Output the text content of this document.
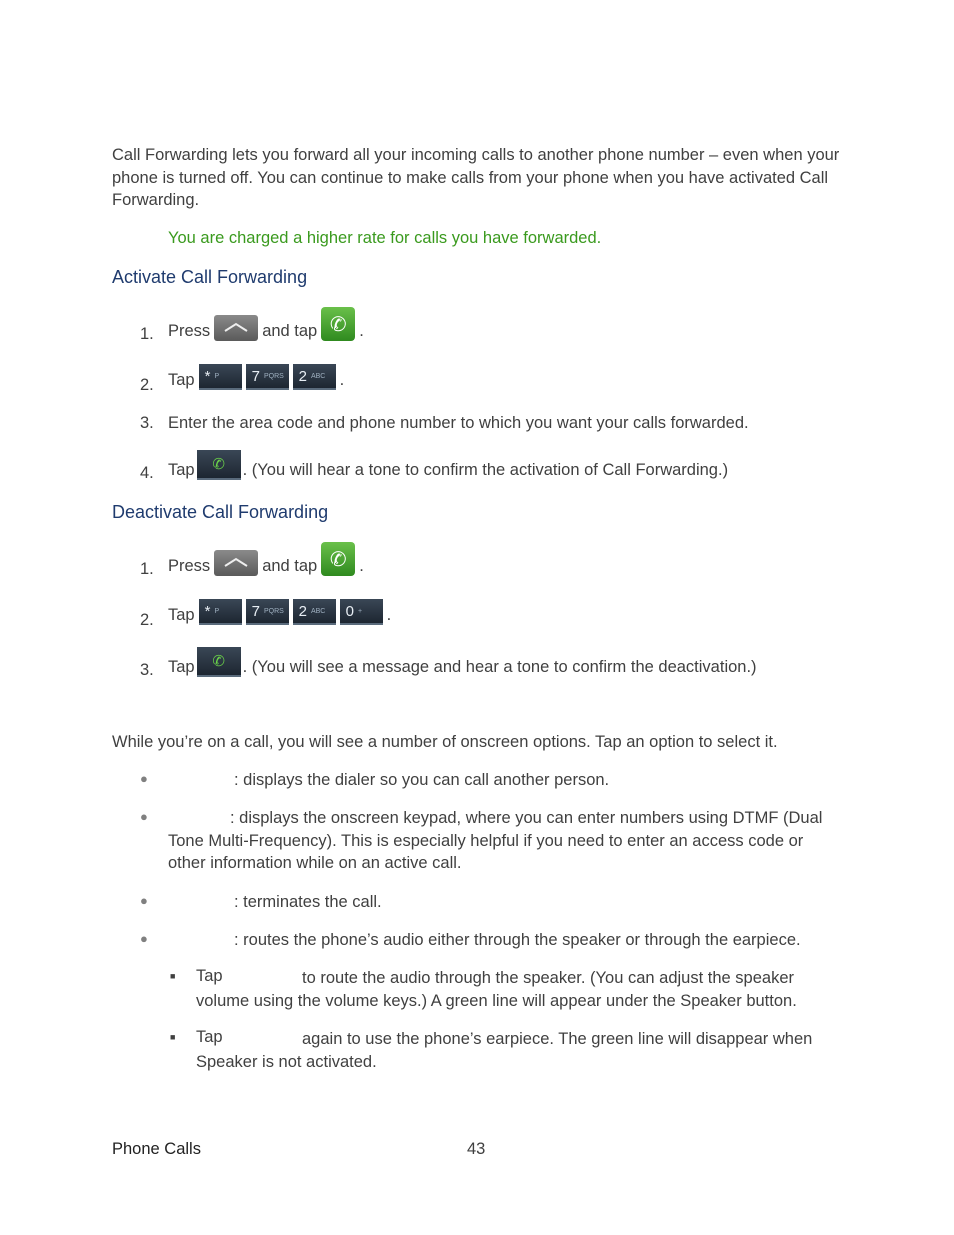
Call Forwarding lets you forward all your incoming calls to another phone number – even when your phone is turned off. You can continue to make calls from your phone when you have activated Call Forwarding.

You are charged a higher rate for calls you have forwarded.

Activate Call Forwarding

1. Press	and tap ✆ .
2. Tap * P 7 PQRS 2 ABC .
3. Enter the area code and phone number to which you want your calls forwarded.
4. Tap	✆	. (You will hear a tone to confirm the activation of Call Forwarding.)

Deactivate Call Forwarding

1. Press	and tap ✆ .
2. Tap * P 7 PQRS 2 ABC 0 + .
3. Tap	✆	. (You will see a message and hear a tone to confirm the deactivation.)

While you’re on a call, you will see a number of onscreen options. Tap an option to select it.

●	: displays the dialer so you can call another person.

●	: displays the onscreen keypad, where you can enter numbers using DTMF (Dual Tone Multi-Frequency). This is especially helpful if you need to enter an access code or other information while on an active call.

●	: terminates the call.

●	: routes the phone’s audio either through the speaker or through the earpiece.

■ Tap	to route the audio through the speaker. (You can adjust the speaker volume using the volume keys.) A green line will appear under the Speaker button.

■ Tap	again to use the phone’s earpiece. The green line will disappear when Speaker is not activated.

Phone Calls	43
